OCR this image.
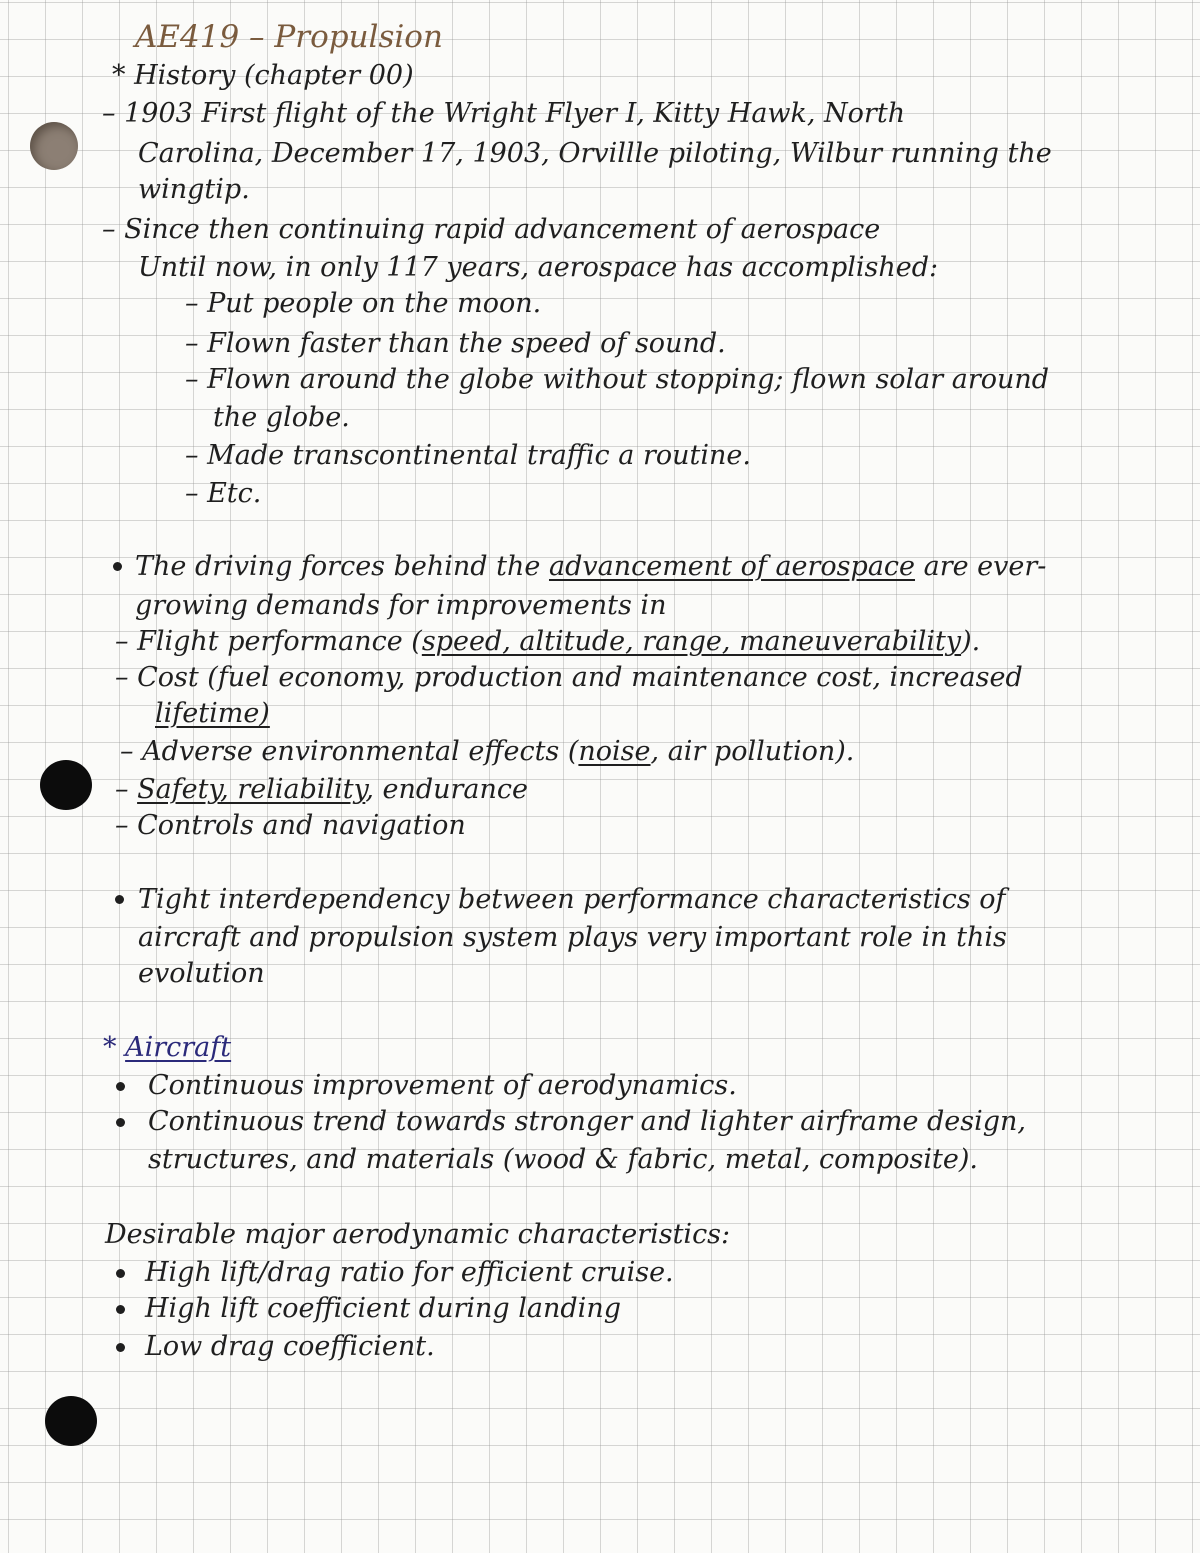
AE419 – Propulsion
* History (chapter 00)
– 1903 First flight of the Wright Flyer I, Kitty Hawk, North
Carolina, December 17, 1903, Orvillle piloting, Wilbur running the
wingtip.
– Since then continuing rapid advancement of aerospace
Until now, in only 117 years, aerospace has accomplished:
– Put people on the moon.
– Flown faster than the speed of sound.
– Flown around the globe without stopping; flown solar around
the globe.
– Made transcontinental traffic a routine.
– Etc.
The driving forces behind the advancement of aerospace are ever-
growing demands for improvements in
– Flight performance (speed, altitude, range, maneuverability).
– Cost (fuel economy, production and maintenance cost, increased
lifetime)
– Adverse environmental effects (noise, air pollution).
– Safety, reliability, endurance
– Controls and navigation
Tight interdependency between performance characteristics of
aircraft and propulsion system plays very important role in this
evolution
* Aircraft
Continuous improvement of aerodynamics.
Continuous trend towards stronger and lighter airframe design,
structures, and materials (wood & fabric, metal, composite).
Desirable major aerodynamic characteristics:
High lift/drag ratio for efficient cruise.
High lift coefficient during landing
Low drag coefficient.
